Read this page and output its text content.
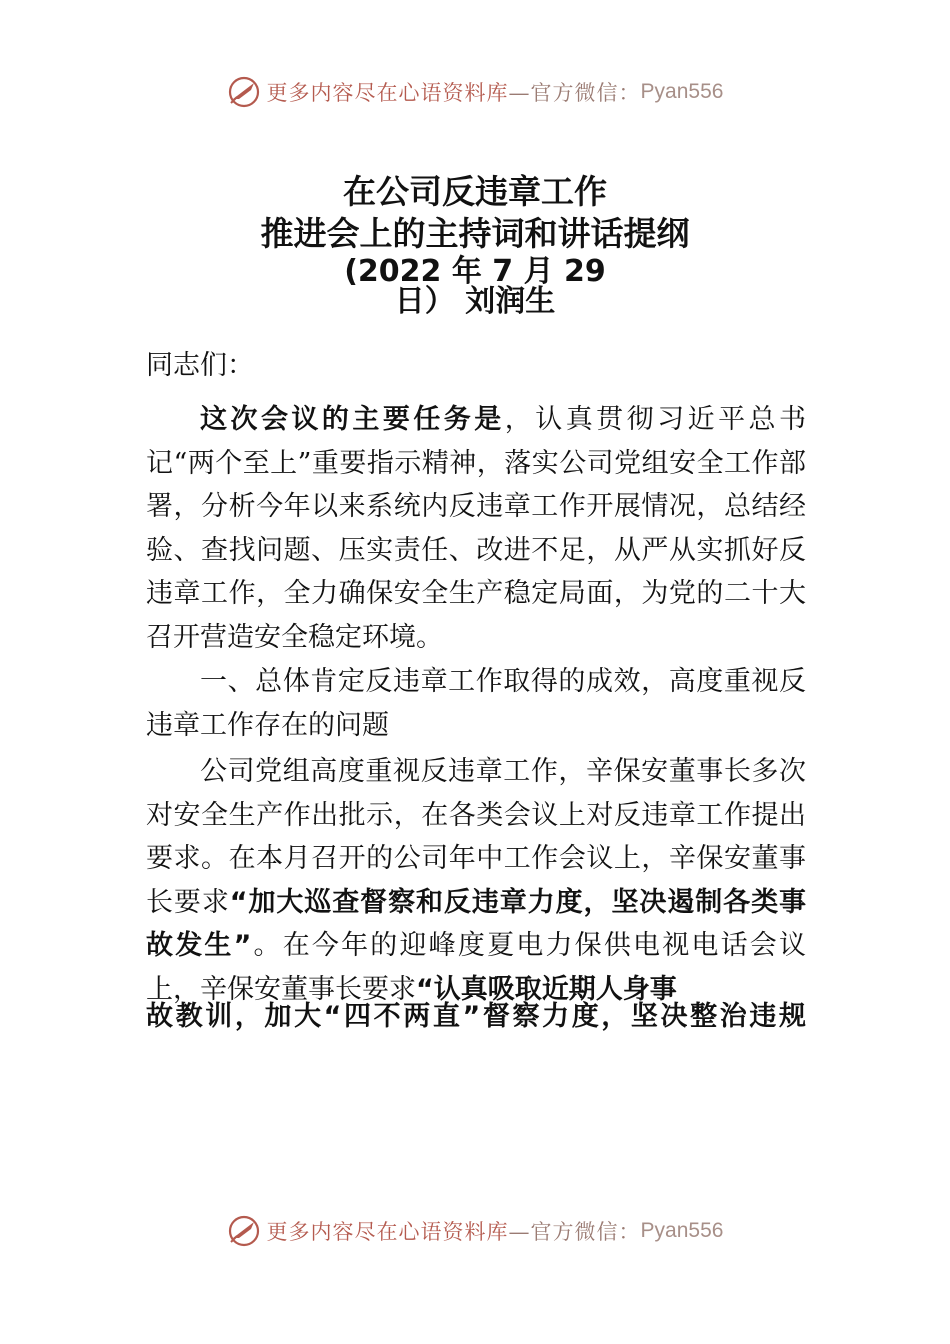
更多内容尽在心语资料库 —官方微信： Pyan556
在公司反违章工作
推进会上的主持词和讲话提纲
(2022 年 7 月 29
日） 刘润生
同志们：

这次会议的主要任务是，认真贯彻习近平总书记“两个至上”重要指示精神，落实公司党组安全工作部署，分析今年以来系统内反违章工作开展情况，总结经验、查找问题、压实责任、改进不足，从严从实抓好反违章工作，全力确保安全生产稳定局面，为党的二十大召开营造安全稳定环境。

一、总体肯定反违章工作取得的成效，高度重视反违章工作存在的问题

公司党组高度重视反违章工作，辛保安董事长多次对安全生产作出批示，在各类会议上对反违章工作提出要求。在本月召开的公司年中工作会议上，辛保安董事长要求“加大巡查督察和反违章力度，坚决遏制各类事故发生”。在今年的迎峰度夏电力保供电视电话会议上，辛保安董事长要求“认真吸取近期人身事

故教训，加大“四不两直”督察力度，坚决整治违规
更多内容尽在心语资料库 —官方微信： Pyan556
